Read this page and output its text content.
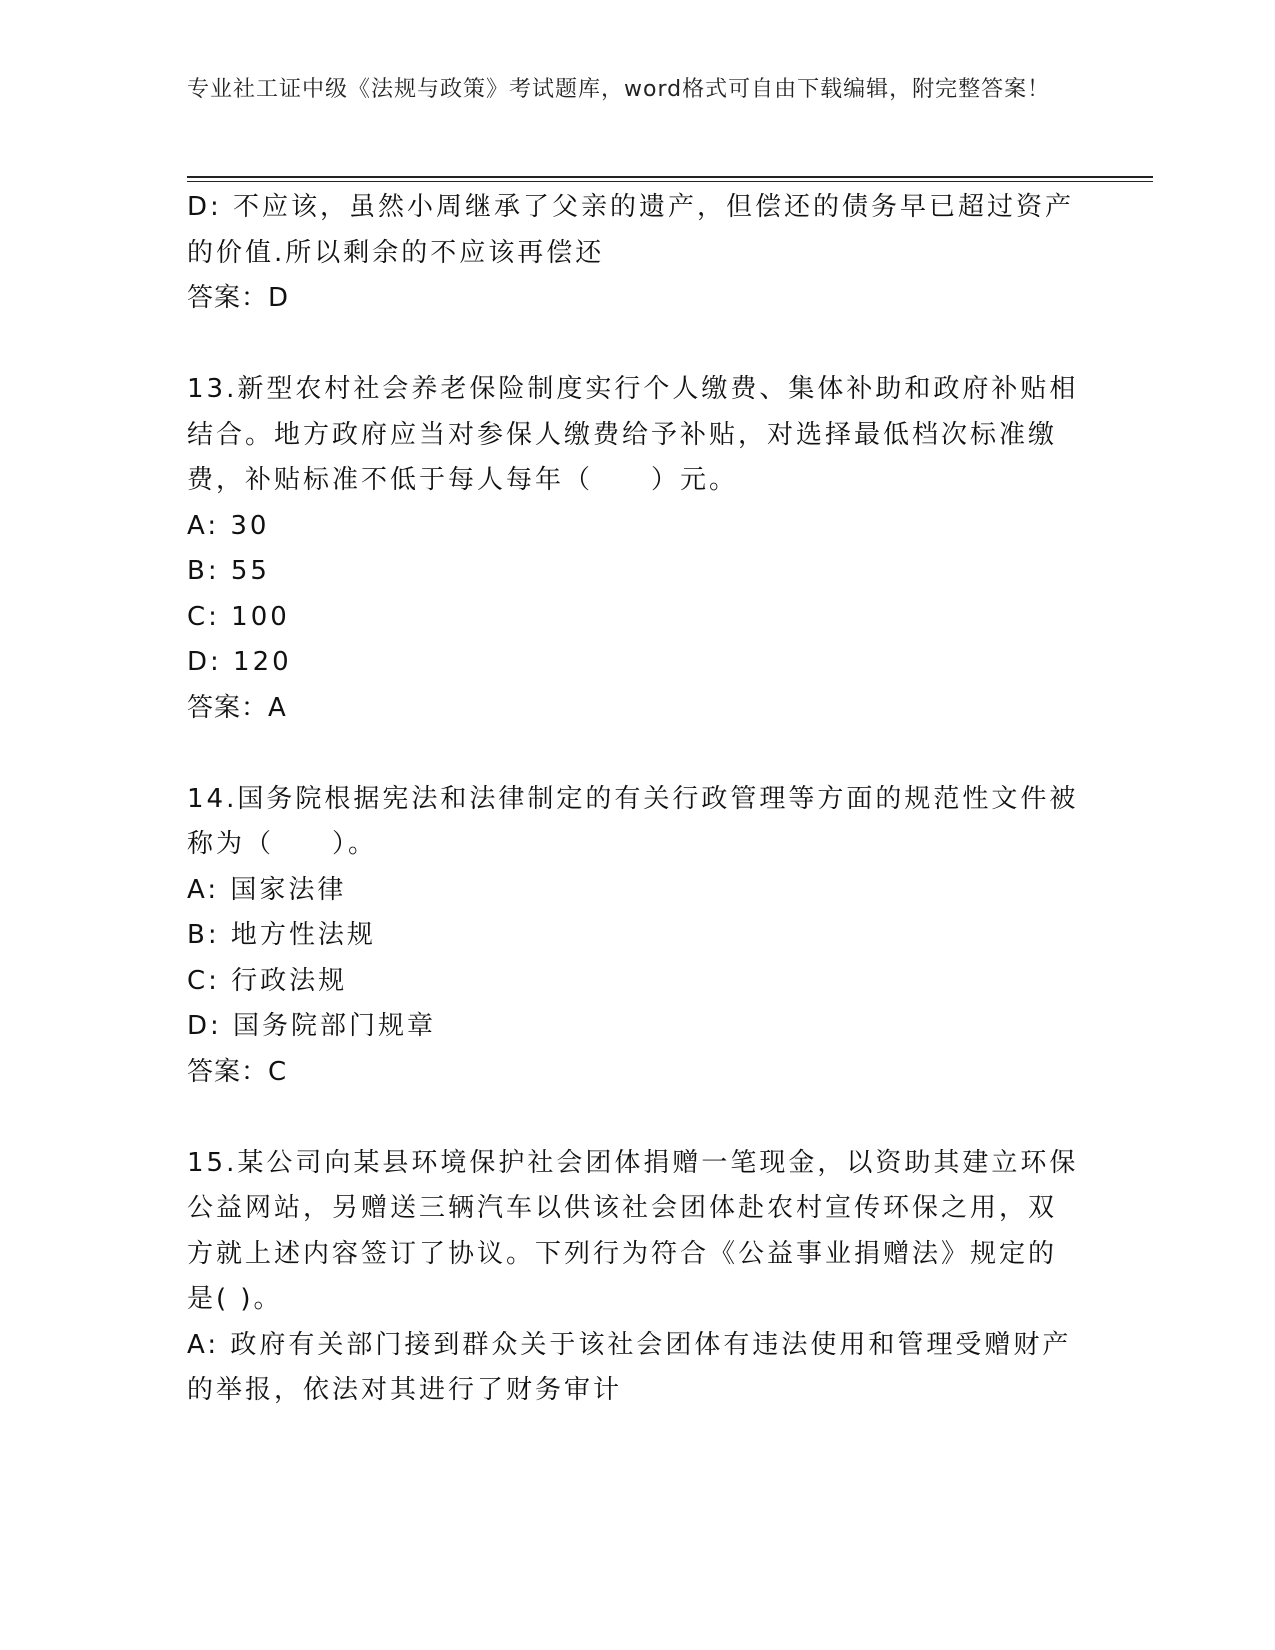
专业社工证中级《法规与政策》考试题库，word格式可自由下载编辑，附完整答案！
D: 不应该，虽然小周继承了父亲的遗产，但偿还的债务早已超过资产
的价值.所以剩余的不应该再偿还
答案：D
13.新型农村社会养老保险制度实行个人缴费、集体补助和政府补贴相
结合。地方政府应当对参保人缴费给予补贴，对选择最低档次标准缴
费，补贴标准不低于每人每年（　　）元。
A: 30
B: 55
C: 100
D: 120
答案：A
14.国务院根据宪法和法律制定的有关行政管理等方面的规范性文件被
称为（　　）。
A: 国家法律
B: 地方性法规
C: 行政法规
D: 国务院部门规章
答案：C
15.某公司向某县环境保护社会团体捐赠一笔现金，以资助其建立环保
公益网站，另赠送三辆汽车以供该社会团体赴农村宣传环保之用，双
方就上述内容签订了协议。下列行为符合《公益事业捐赠法》规定的
是( )。
A: 政府有关部门接到群众关于该社会团体有违法使用和管理受赠财产
的举报，依法对其进行了财务审计
